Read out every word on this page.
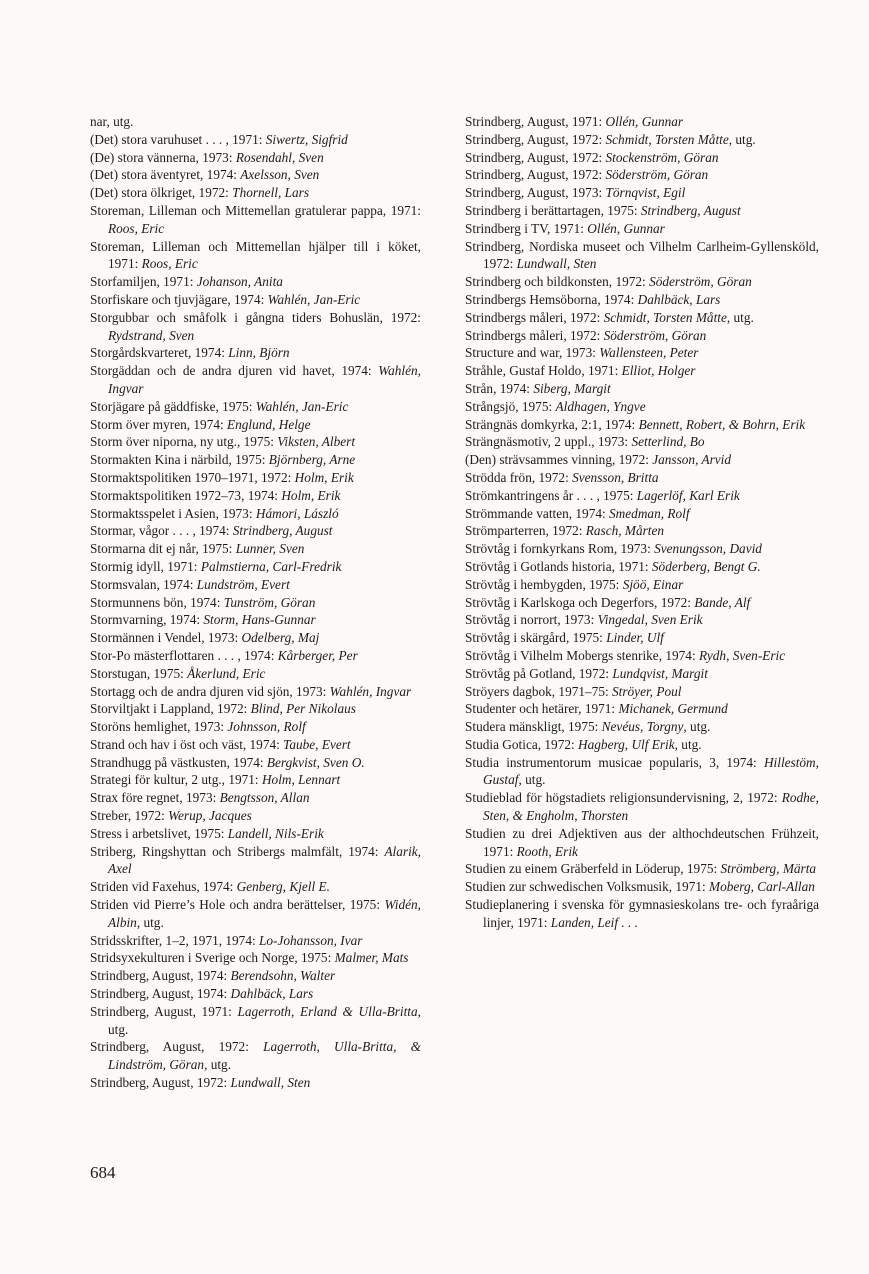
nar, utg.
(Det) stora varuhuset . . . , 1971: Siwertz, Sigfrid
(De) stora vännerna, 1973: Rosendahl, Sven
(Det) stora äventyret, 1974: Axelsson, Sven
(Det) stora ölkriget, 1972: Thornell, Lars
Storeman, Lilleman och Mittemellan gratulerar pappa, 1971: Roos, Eric
Storeman, Lilleman och Mittemellan hjälper till i köket, 1971: Roos, Eric
Storfamiljen, 1971: Johanson, Anita
Storfiskare och tjuvjägare, 1974: Wahlén, Jan-Eric
Storgubbar och småfolk i gångna tiders Bohuslän, 1972: Rydstrand, Sven
Storgårdskvarteret, 1974: Linn, Björn
Storgäddan och de andra djuren vid havet, 1974: Wahlén, Ingvar
Storjägare på gäddfiske, 1975: Wahlén, Jan-Eric
Storm över myren, 1974: Englund, Helge
Storm över niporna, ny utg., 1975: Viksten, Albert
Stormakten Kina i närbild, 1975: Björnberg, Arne
Stormaktspolitiken 1970–1971, 1972: Holm, Erik
Stormaktspolitiken 1972–73, 1974: Holm, Erik
Stormaktsspelet i Asien, 1973: Hámori, László
Stormar, vågor . . . , 1974: Strindberg, August
Stormarna dit ej når, 1975: Lunner, Sven
Stormig idyll, 1971: Palmstierna, Carl-Fredrik
Stormsvalan, 1974: Lundström, Evert
Stormunnens bön, 1974: Tunström, Göran
Stormvarning, 1974: Storm, Hans-Gunnar
Stormännen i Vendel, 1973: Odelberg, Maj
Stor-Po mästerflottaren . . . , 1974: Kårberger, Per
Storstugan, 1975: Åkerlund, Eric
Stortagg och de andra djuren vid sjön, 1973: Wahlén, Ingvar
Storviltjakt i Lappland, 1972: Blind, Per Nikolaus
Storöns hemlighet, 1973: Johnsson, Rolf
Strand och hav i öst och väst, 1974: Taube, Evert
Strandhugg på västkusten, 1974: Bergkvist, Sven O.
Strategi för kultur, 2 utg., 1971: Holm, Lennart
Strax före regnet, 1973: Bengtsson, Allan
Streber, 1972: Werup, Jacques
Stress i arbetslivet, 1975: Landell, Nils-Erik
Striberg, Ringshyttan och Stribergs malmfält, 1974: Alarik, Axel
Striden vid Faxehus, 1974: Genberg, Kjell E.
Striden vid Pierre’s Hole och andra berättelser, 1975: Widén, Albin, utg.
Stridsskrifter, 1–2, 1971, 1974: Lo-Johansson, Ivar
Stridsyxekulturen i Sverige och Norge, 1975: Malmer, Mats
Strindberg, August, 1974: Berendsohn, Walter
Strindberg, August, 1974: Dahlbäck, Lars
Strindberg, August, 1971: Lagerroth, Erland & Ulla-Britta, utg.
Strindberg, August, 1972: Lagerroth, Ulla-Britta, & Lindström, Göran, utg.
Strindberg, August, 1972: Lundwall, Sten
Strindberg, August, 1971: Ollén, Gunnar
Strindberg, August, 1972: Schmidt, Torsten Måtte, utg.
Strindberg, August, 1972: Stockenström, Göran
Strindberg, August, 1972: Söderström, Göran
Strindberg, August, 1973: Törnqvist, Egil
Strindberg i berättartagen, 1975: Strindberg, August
Strindberg i TV, 1971: Ollén, Gunnar
Strindberg, Nordiska museet och Vilhelm Carlheim-Gyllensköld, 1972: Lundwall, Sten
Strindberg och bildkonsten, 1972: Söderström, Göran
Strindbergs Hemsöborna, 1974: Dahlbäck, Lars
Strindbergs måleri, 1972: Schmidt, Torsten Måtte, utg.
Strindbergs måleri, 1972: Söderström, Göran
Structure and war, 1973: Wallensteen, Peter
Stråhle, Gustaf Holdo, 1971: Elliot, Holger
Strån, 1974: Siberg, Margit
Strångsjö, 1975: Aldhagen, Yngve
Strängnäs domkyrka, 2:1, 1974: Bennett, Robert, & Bohrn, Erik
Strängnäsmotiv, 2 uppl., 1973: Setterlind, Bo
(Den) strävsammes vinning, 1972: Jansson, Arvid
Strödda frön, 1972: Svensson, Britta
Strömkantringens år . . . , 1975: Lagerlöf, Karl Erik
Strömmande vatten, 1974: Smedman, Rolf
Strömparterren, 1972: Rasch, Mårten
Strövtåg i fornkyrkans Rom, 1973: Svenungsson, David
Strövtåg i Gotlands historia, 1971: Söderberg, Bengt G.
Strövtåg i hembygden, 1975: Sjöö, Einar
Strövtåg i Karlskoga och Degerfors, 1972: Bande, Alf
Strövtåg i norrort, 1973: Vingedal, Sven Erik
Strövtåg i skärgård, 1975: Linder, Ulf
Strövtåg i Vilhelm Mobergs stenrike, 1974: Rydh, Sven-Eric
Strövtåg på Gotland, 1972: Lundqvist, Margit
Ströyers dagbok, 1971–75: Ströyer, Poul
Studenter och hetärer, 1971: Michanek, Germund
Studera mänskligt, 1975: Nevéus, Torgny, utg.
Studia Gotica, 1972: Hagberg, Ulf Erik, utg.
Studia instrumentorum musicae popularis, 3, 1974: Hillestöm, Gustaf, utg.
Studieblad för högstadiets religionsundervisning, 2, 1972: Rodhe, Sten, & Engholm, Thorsten
Studien zu drei Adjektiven aus der althochdeutschen Frühzeit, 1971: Rooth, Erik
Studien zu einem Gräberfeld in Löderup, 1975: Strömberg, Märta
Studien zur schwedischen Volksmusik, 1971: Moberg, Carl-Allan
Studieplanering i svenska för gymnasieskolans tre- och fyraåriga linjer, 1971: Landen, Leif . . .
684
